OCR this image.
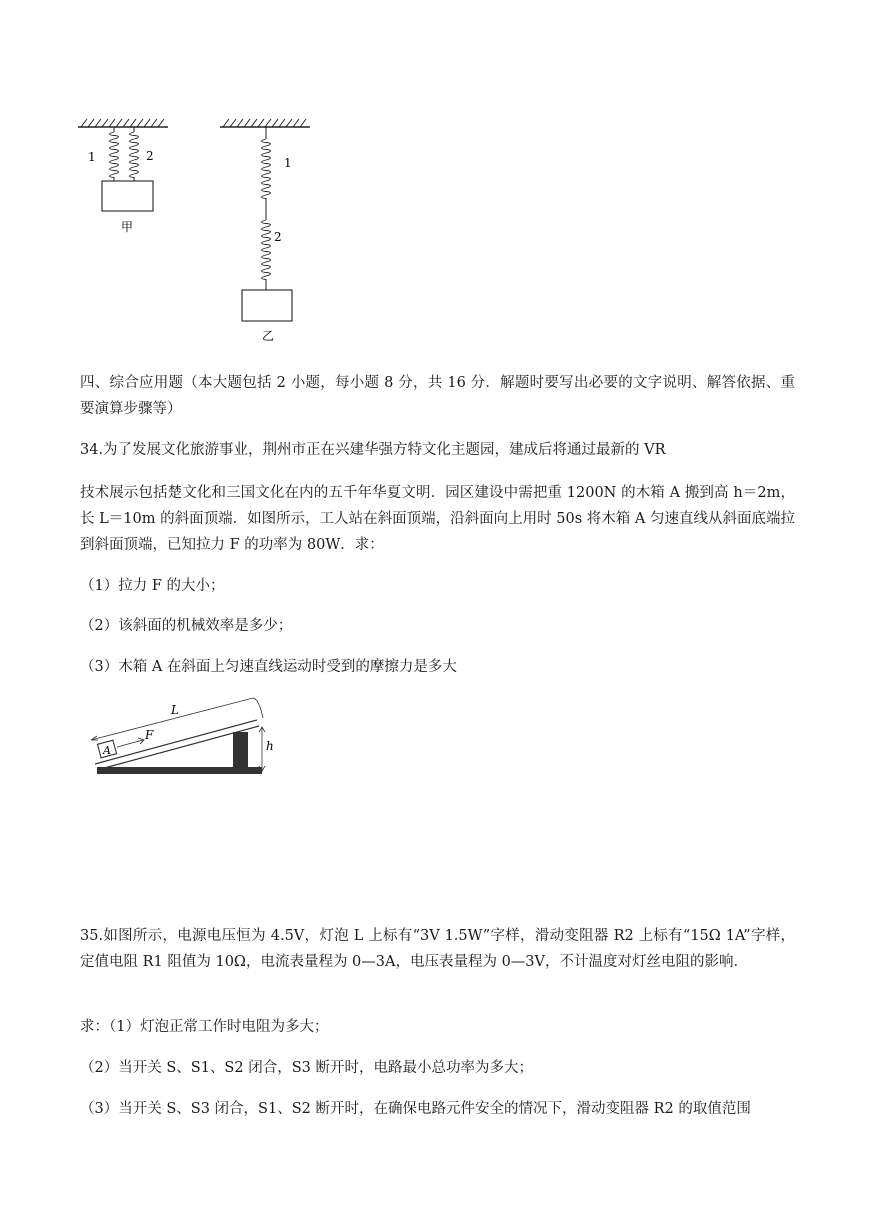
1	2
甲
1
2
乙
四、综合应用题（本大题包括 2 小题，每小题 8 分，共 16 分．解题时要写出必要的文字说明、解答依据、重要演算步骤等）
34.为了发展文化旅游事业，荆州市正在兴建华强方特文化主题园，建成后将通过最新的 VR
技术展示包括楚文化和三国文化在内的五千年华夏文明．园区建设中需把重 1200N 的木箱 A 搬到高 h＝2m，长 L＝10m 的斜面顶端．如图所示，工人站在斜面顶端，沿斜面向上用时 50s 将木箱 A 匀速直线从斜面底端拉到斜面顶端，已知拉力 F 的功率为 80W．求：
（1）拉力 F 的大小；
（2）该斜面的机械效率是多少；
（3）木箱 A 在斜面上匀速直线运动时受到的摩擦力是多大
L
F
A	h
35.如图所示，电源电压恒为 4.5V，灯泡 L 上标有“3V 1.5W”字样，滑动变阻器 R2 上标有“15Ω 1A”字样，定值电阻 R1 阻值为 10Ω，电流表量程为 0—3A，电压表量程为 0—3V，不计温度对灯丝电阻的影响．
求：（1）灯泡正常工作时电阻为多大；
（2）当开关 S、S1、S2 闭合，S3 断开时，电路最小总功率为多大；
（3）当开关 S、S3 闭合，S1、S2 断开时，在确保电路元件安全的情况下，滑动变阻器 R2 的取值范围
